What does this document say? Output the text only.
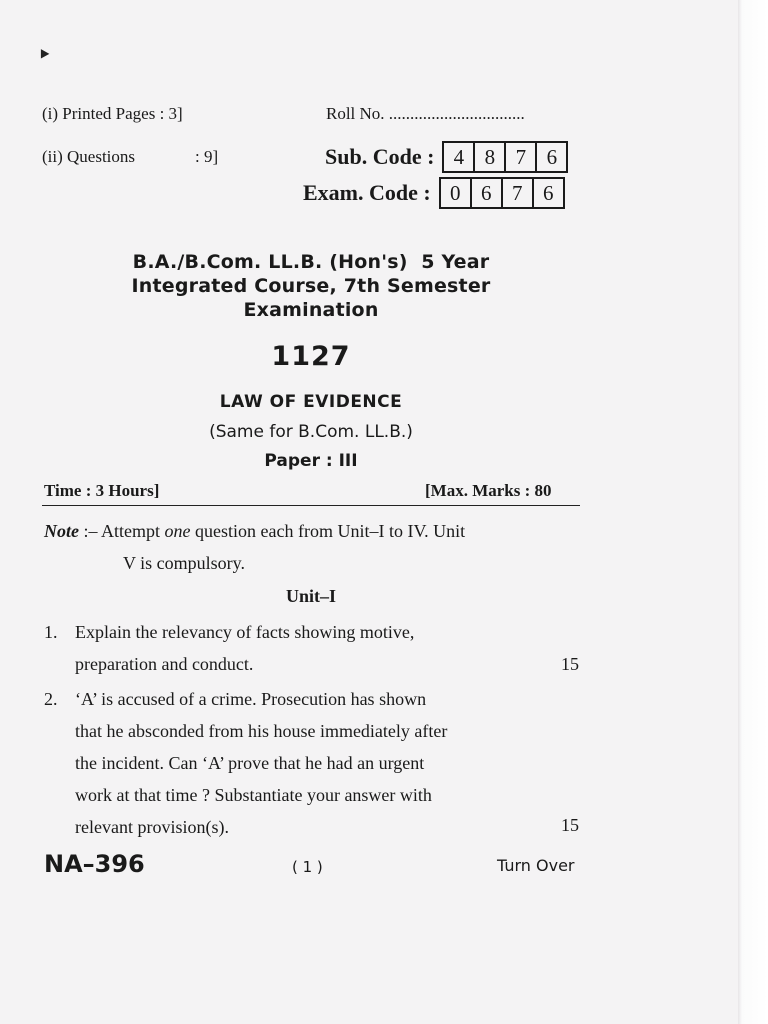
‣
(i) Printed Pages : 3]
(ii) Questions	: 9]
Roll No. ................................
Sub. Code : 4 8 7 6
Exam. Code : 0 6 7 6
B.A./B.Com. LL.B. (Hon's)  5 Year
Integrated Course, 7th Semester
Examination
1127
LAW OF EVIDENCE
(Same for B.Com. LL.B.)
Paper : III
Time : 3 Hours]	[Max. Marks : 80
Note :– Attempt one question each from Unit–I to IV. Unit
V is compulsory.
Unit–I
1. Explain the relevancy of facts showing motive,
preparation and conduct.	15
2. ‘A’ is accused of a crime. Prosecution has shown
that he absconded from his house immediately after
the incident. Can ‘A’ prove that he had an urgent
work at that time ? Substantiate your answer with
relevant provision(s).	15
NA–396	( 1 )	Turn Over
